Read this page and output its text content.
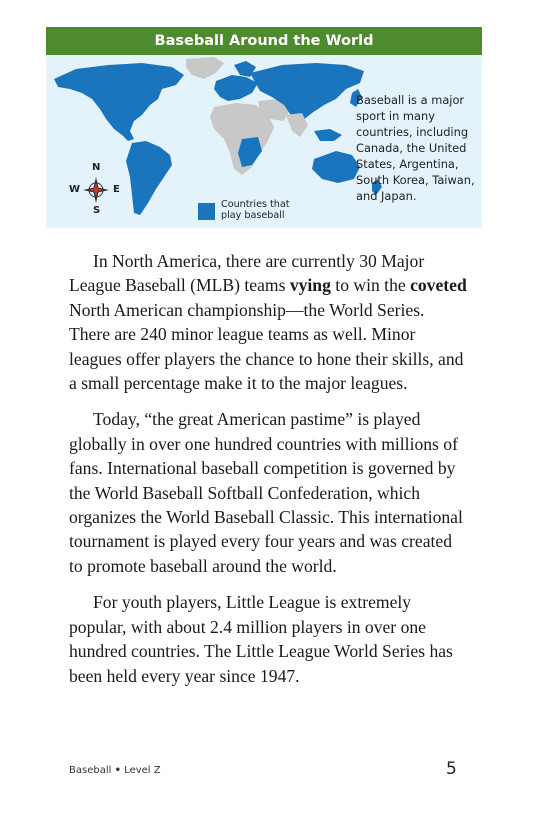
Baseball Around the World
Baseball is a major sport in many countries, including Canada, the United States, Argentina, South Korea, Taiwan, and Japan.
N
S
W	E
Countries that play baseball

In North America, there are currently 30 Major League Baseball (MLB) teams vying to win the coveted North American championship—the World Series. There are 240 minor league teams as well. Minor leagues offer players the chance to hone their skills, and a small percentage make it to the major leagues.

Today, “the great American pastime” is played globally in over one hundred countries with millions of fans. International baseball competition is governed by the World Baseball Softball Confederation, which organizes the World Baseball Classic. This international tournament is played every four years and was created to promote baseball around the world.

For youth players, Little League is extremely popular, with about 2.4 million players in over one hundred countries. The Little League World Series has been held every year since 1947.

Baseball • Level Z	5
